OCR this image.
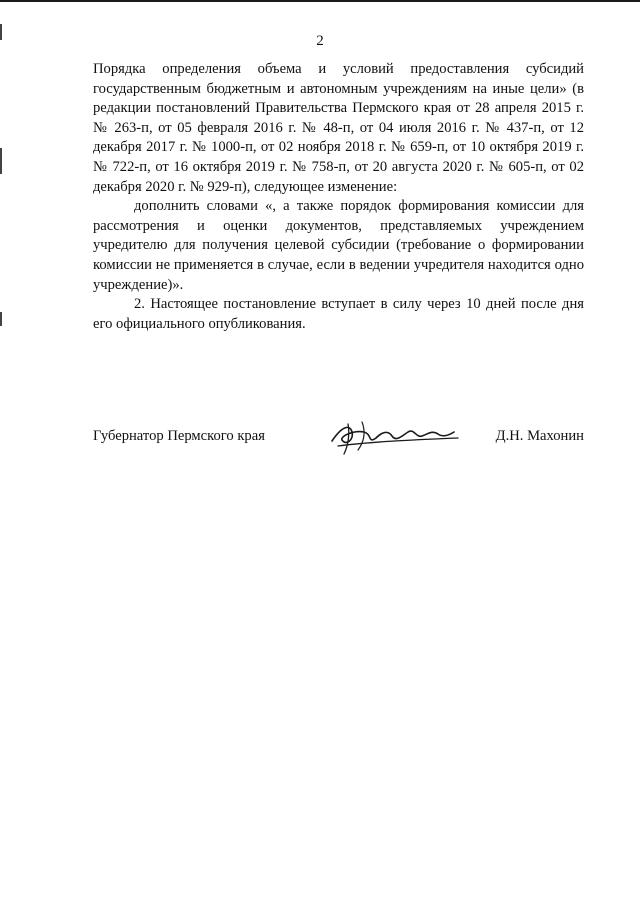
2

Порядка определения объема и условий предоставления субсидий государственным бюджетным и автономным учреждениям на иные цели» (в редакции постановлений Правительства Пермского края от 28 апреля 2015 г. № 263-п, от 05 февраля 2016 г. № 48-п, от 04 июля 2016 г. № 437-п, от 12 декабря 2017 г. № 1000-п, от 02 ноября 2018 г. № 659-п, от 10 октября 2019 г. № 722-п, от 16 октября 2019 г. № 758-п, от 20 августа 2020 г. № 605-п, от 02 декабря 2020 г. № 929-п), следующее изменение:

дополнить словами «, а также порядок формирования комиссии для рассмотрения и оценки документов, представляемых учреждением учредителю для получения целевой субсидии (требование о формировании комиссии не применяется в случае, если в ведении учредителя находится одно учреждение)».

2. Настоящее постановление вступает в силу через 10 дней после дня его официального опубликования.

Губернатор Пермского края	Д.Н. Махонин
